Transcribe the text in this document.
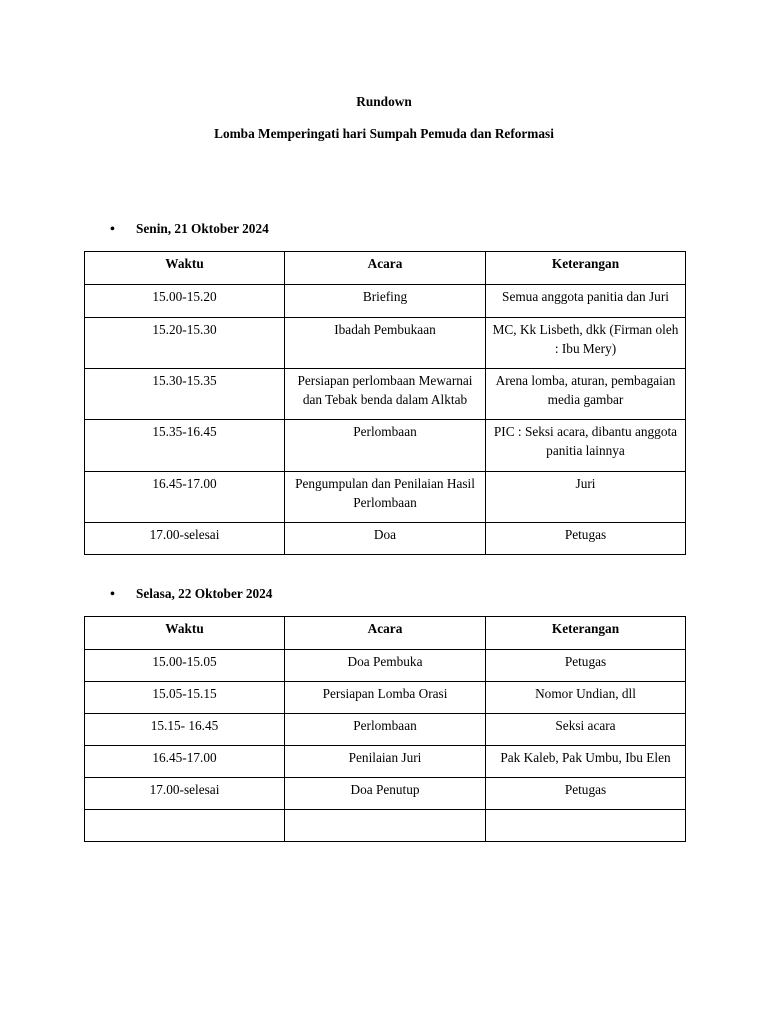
Rundown

Lomba Memperingati hari Sumpah Pemuda dan Reformasi

• Senin, 21 Oktober 2024

Waktu	Acara	Keterangan
15.00-15.20	Briefing	Semua anggota panitia dan Juri
15.20-15.30	Ibadah Pembukaan	MC, Kk Lisbeth, dkk (Firman oleh : Ibu Mery)
15.30-15.35	Persiapan perlombaan Mewarnai dan Tebak benda dalam Alktab	Arena lomba, aturan, pembagaian media gambar
15.35-16.45	Perlombaan	PIC : Seksi acara, dibantu anggota panitia lainnya
16.45-17.00	Pengumpulan dan Penilaian Hasil Perlombaan	Juri
17.00-selesai	Doa	Petugas

• Selasa, 22 Oktober 2024

Waktu	Acara	Keterangan
15.00-15.05	Doa Pembuka	Petugas
15.05-15.15	Persiapan Lomba Orasi	Nomor Undian, dll
15.15- 16.45	Perlombaan	Seksi acara
16.45-17.00	Penilaian Juri	Pak Kaleb, Pak Umbu, Ibu Elen
17.00-selesai	Doa Penutup	Petugas
